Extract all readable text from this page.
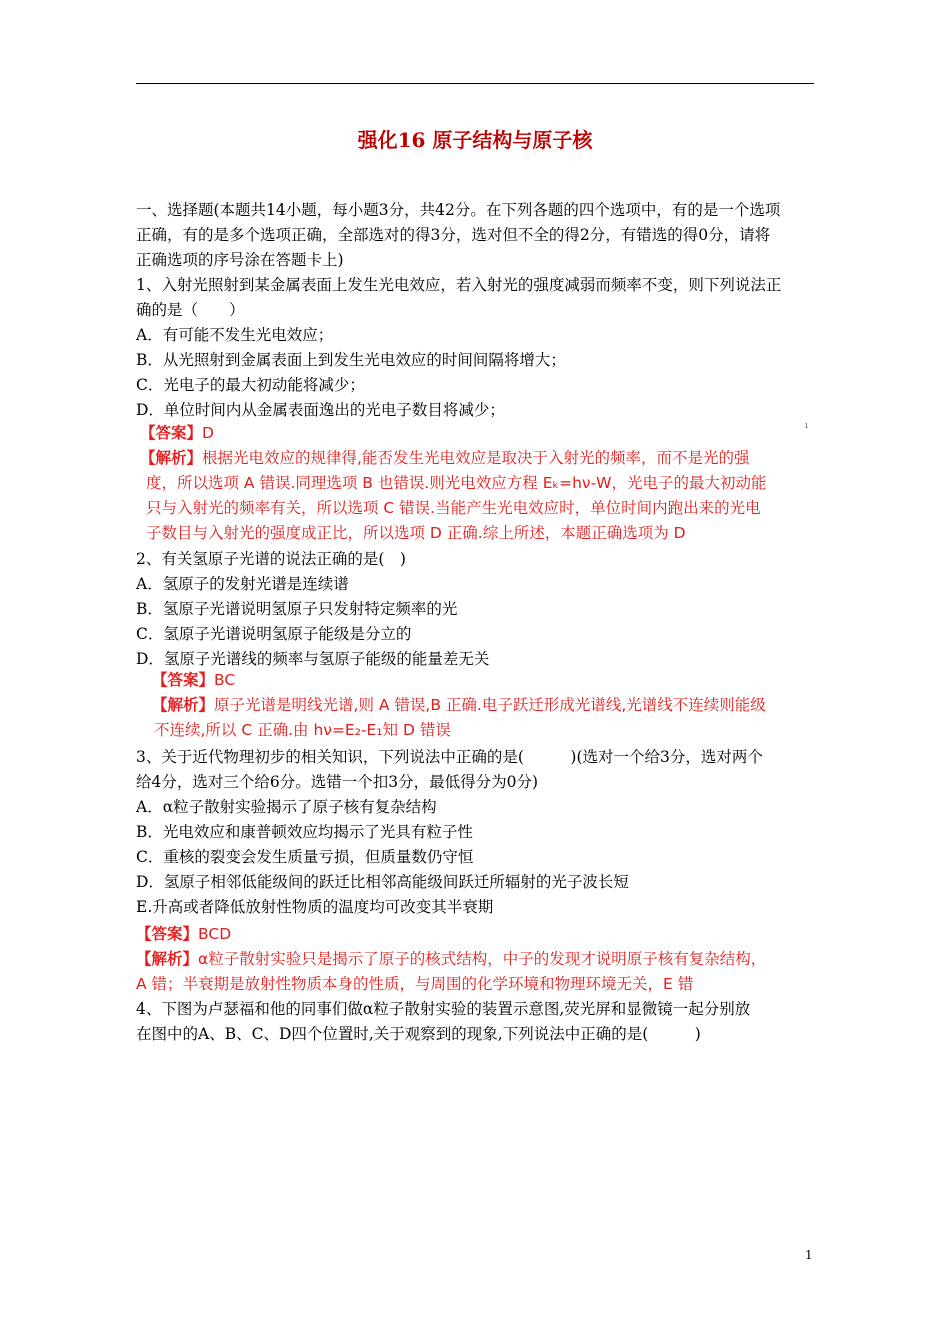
强化16 原子结构与原子核
一、选择题(本题共14小题，每小题3分，共42分。在下列各题的四个选项中，有的是一个选项
正确，有的是多个选项正确，全部选对的得3分，选对但不全的得2分，有错选的得0分，请将
正确选项的序号涂在答题卡上)
1、入射光照射到某金属表面上发生光电效应，若入射光的强度减弱而频率不变，则下列说法正
确的是（　　）
A．有可能不发生光电效应；
B．从光照射到金属表面上到发生光电效应的时间间隔将增大；
C．光电子的最大初动能将减少；
D．单位时间内从金属表面逸出的光电子数目将减少；
【答案】D
【解析】根据光电效应的规律得,能否发生光电效应是取决于入射光的频率，而不是光的强
度，所以选项 A 错误.同理选项 B 也错误.则光电效应方程 Eₖ=hν-W，光电子的最大初动能
只与入射光的频率有关，所以选项 C 错误.当能产生光电效应时，单位时间内跑出来的光电
子数目与入射光的强度成正比，所以选项 D 正确.综上所述，本题正确选项为 D
ı
2、有关氢原子光谱的说法正确的是(　)
A．氢原子的发射光谱是连续谱
B．氢原子光谱说明氢原子只发射特定频率的光
C．氢原子光谱说明氢原子能级是分立的
D．氢原子光谱线的频率与氢原子能级的能量差无关
【答案】BC
【解析】原子光谱是明线光谱,则 A 错误,B 正确.电子跃迁形成光谱线,光谱线不连续则能级
不连续,所以 C 正确.由 hν=E₂-E₁知 D 错误
3、关于近代物理初步的相关知识，下列说法中正确的是(　　　)(选对一个给3分，选对两个
给4分，选对三个给6分。选错一个扣3分，最低得分为0分)
A．α粒子散射实验揭示了原子核有复杂结构
B．光电效应和康普顿效应均揭示了光具有粒子性
C．重核的裂变会发生质量亏损，但质量数仍守恒
D．氢原子相邻低能级间的跃迁比相邻高能级间跃迁所辐射的光子波长短
E.升高或者降低放射性物质的温度均可改变其半衰期
【答案】BCD
【解析】α粒子散射实验只是揭示了原子的核式结构，中子的发现才说明原子核有复杂结构，
A 错；半衰期是放射性物质本身的性质，与周围的化学环境和物理环境无关，E 错
4、下图为卢瑟福和他的同事们做α粒子散射实验的装置示意图,荧光屏和显微镜一起分别放
在图中的A、B、C、D四个位置时,关于观察到的现象,下列说法中正确的是(　　　)
1
